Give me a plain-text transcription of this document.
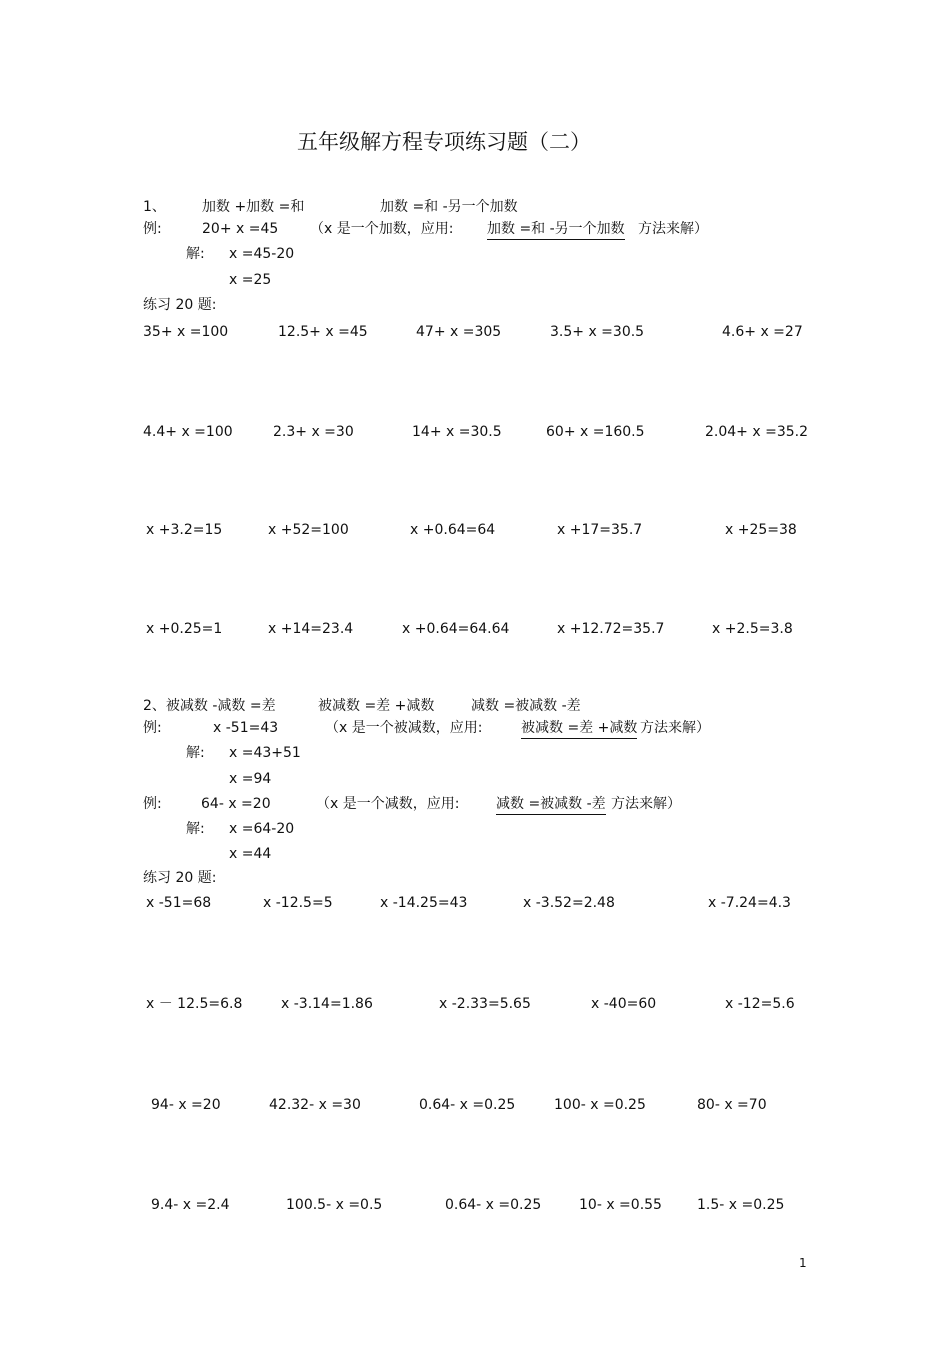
五年级解方程专项练习题（二）
1、	加数 +加数 =和	加数 =和 -另一个加数
例:	20+ x =45 （x 是一个加数，应用: 加数 =和 -另一个加数 方法来解）
解: x =45-20
x =25
练习 20 题:
35+ x =100	12.5+ x =45	47+ x =305	3.5+ x =30.5	4.6+ x =27
4.4+ x =100	2.3+ x =30	14+ x =30.5	60+ x =160.5	2.04+ x =35.2
x +3.2=15	x +52=100	x +0.64=64	x +17=35.7	x +25=38
x +0.25=1	x +14=23.4	x +0.64=64.64	x +12.72=35.7	x +2.5=3.8
2、被减数 -减数 =差	被减数 =差 +减数	减数 =被减数 -差
例:	x -51=43	（x 是一个被减数，应用:	被减数 =差 +减数 方法来解）
解: x =43+51
x =94
例:	64- x =20	（x 是一个减数，应用:	减数 =被减数 -差 方法来解）
解: x =64-20
x =44
练习 20 题:
x -51=68	x -12.5=5	x -14.25=43	x -3.52=2.48	x -7.24=4.3
x － 12.5=6.8	x -3.14=1.86	x -2.33=5.65	x -40=60	x -12=5.6
94- x =20	42.32- x =30	0.64- x =0.25	100- x =0.25	80- x =70
9.4- x =2.4	100.5- x =0.5	0.64- x =0.25	10- x =0.55	1.5- x =0.25
1
